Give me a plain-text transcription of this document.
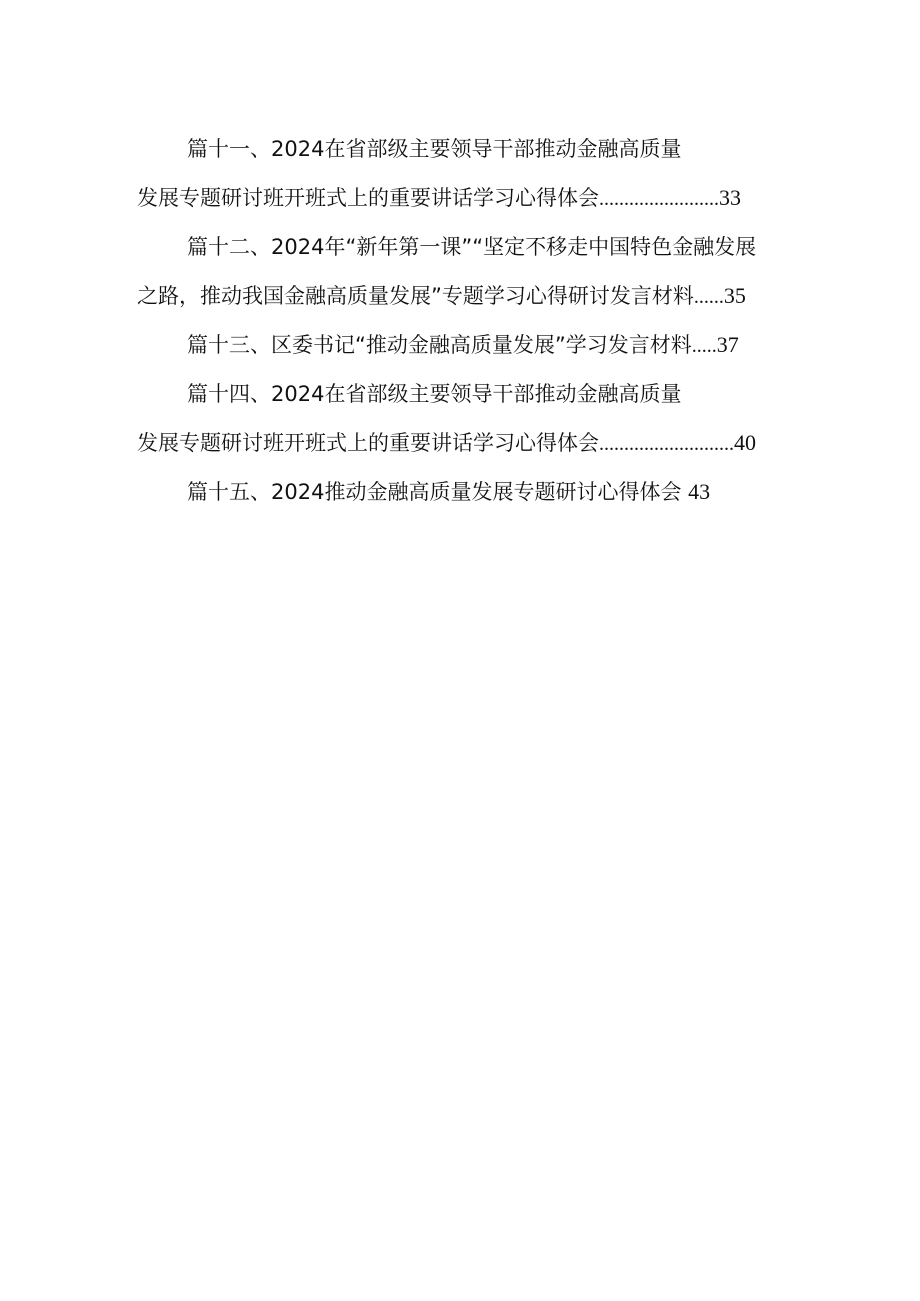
篇十一、2024在省部级主要领导干部推动金融高质量
发展专题研讨班开班式上的重要讲话学习心得体会........................33
篇十二、2024年“新年第一课”“坚定不移走中国特色金融发展
之路，推动我国金融高质量发展”专题学习心得研讨发言材料......35
篇十三、区委书记“推动金融高质量发展”学习发言材料.....37
篇十四、2024在省部级主要领导干部推动金融高质量
发展专题研讨班开班式上的重要讲话学习心得体会...........................40
篇十五、2024推动金融高质量发展专题研讨心得体会 43
